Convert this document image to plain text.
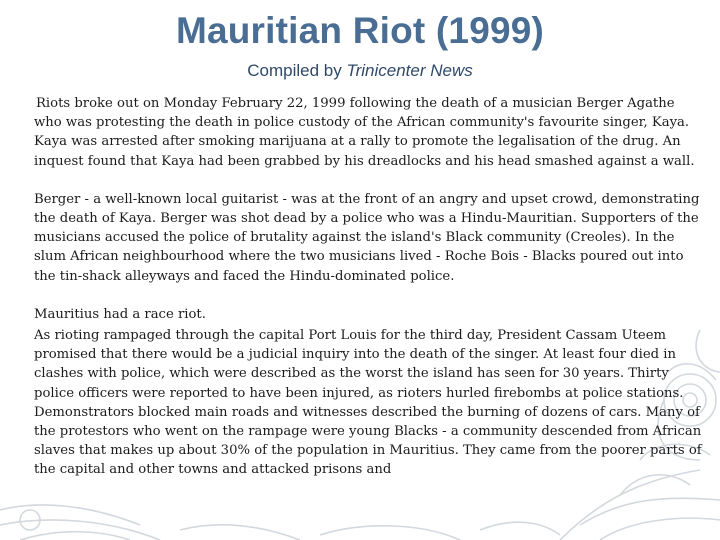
Mauritian Riot (1999)
Compiled by Trinicenter News

Riots broke out on Monday February 22, 1999 following the death of a musician Berger Agathe who was protesting the death in police custody of the African community's favourite singer, Kaya. Kaya was arrested after smoking marijuana at a rally to promote the legalisation of the drug. An inquest found that Kaya had been grabbed by his dreadlocks and his head smashed against a wall.

Berger - a well-known local guitarist - was at the front of an angry and upset crowd, demonstrating the death of Kaya. Berger was shot dead by a police who was a Hindu-Mauritian. Supporters of the musicians accused the police of brutality against the island's Black community (Creoles). In the slum African neighbourhood where the two musicians lived - Roche Bois - Blacks poured out into the tin-shack alleyways and faced the Hindu-dominated police.

Mauritius had a race riot.

As rioting rampaged through the capital Port Louis for the third day, President Cassam Uteem promised that there would be a judicial inquiry into the death of the singer. At least four died in clashes with police, which were described as the worst the island has seen for 30 years. Thirty police officers were reported to have been injured, as rioters hurled firebombs at police stations. Demonstrators blocked main roads and witnesses described the burning of dozens of cars. Many of the protestors who went on the rampage were young Blacks - a community descended from African slaves that makes up about 30% of the population in Mauritius. They came from the poorer parts of the capital and other towns and attacked prisons and
